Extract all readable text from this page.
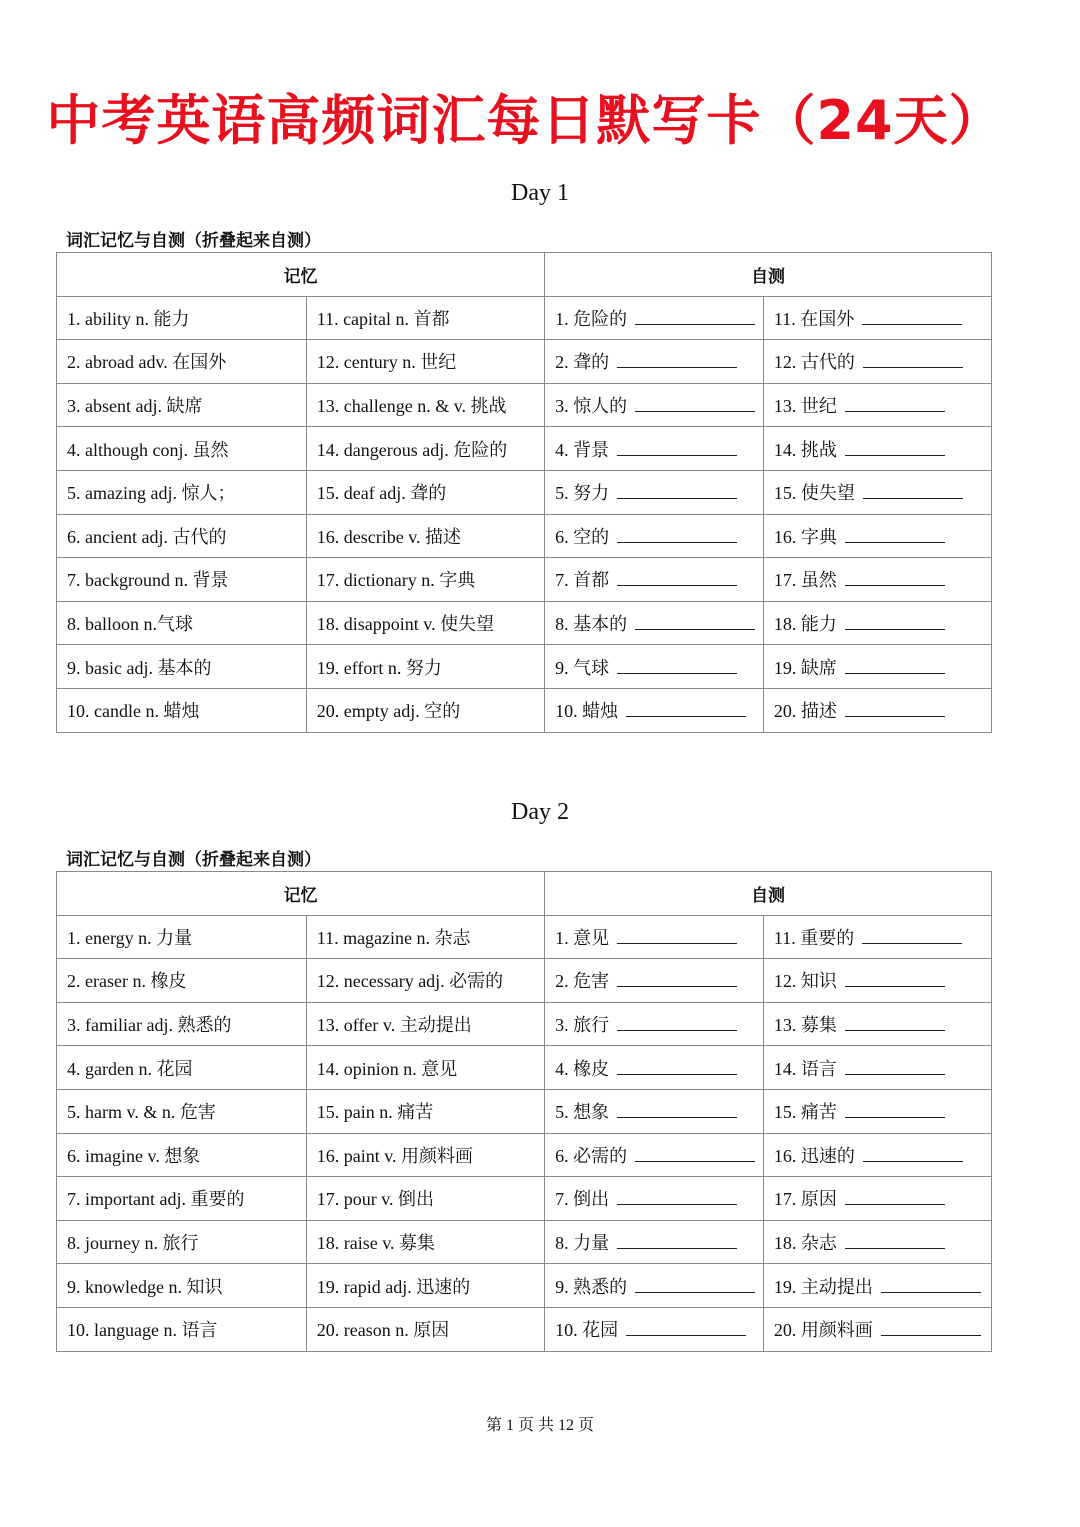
中考英语高频词汇每日默写卡（24天）
Day 1
词汇记忆与自测（折叠起来自测）
记忆		自测	
1. ability n. 能力	11. capital n. 首都	1. 危险的	11. 在国外
2. abroad adv. 在国外	12. century n. 世纪	2. 聋的	12. 古代的
3. absent adj. 缺席	13. challenge n. & v. 挑战	3. 惊人的	13. 世纪
4. although conj. 虽然	14. dangerous adj. 危险的	4. 背景	14. 挑战
5. amazing adj. 惊人；	15. deaf adj. 聋的	5. 努力	15. 使失望
6. ancient adj. 古代的	16. describe v. 描述	6. 空的	16. 字典
7. background n. 背景	17. dictionary n. 字典	7. 首都	17. 虽然
8. balloon n.气球	18. disappoint v. 使失望	8. 基本的	18. 能力
9. basic adj. 基本的	19. effort n. 努力	9. 气球	19. 缺席
10. candle n. 蜡烛	20. empty adj. 空的	10. 蜡烛	20. 描述
Day 2
词汇记忆与自测（折叠起来自测）
记忆		自测	
1. energy n. 力量	11. magazine n. 杂志	1. 意见	11. 重要的
2. eraser n. 橡皮	12. necessary adj. 必需的	2. 危害	12. 知识
3. familiar adj. 熟悉的	13. offer v. 主动提出	3. 旅行	13. 募集
4. garden n. 花园	14. opinion n. 意见	4. 橡皮	14. 语言
5. harm v. & n. 危害	15. pain n. 痛苦	5. 想象	15. 痛苦
6. imagine v. 想象	16. paint v. 用颜料画	6. 必需的	16. 迅速的
7. important adj. 重要的	17. pour v. 倒出	7. 倒出	17. 原因
8. journey n. 旅行	18. raise v. 募集	8. 力量	18. 杂志
9. knowledge n. 知识	19. rapid adj. 迅速的	9. 熟悉的	19. 主动提出
10. language n. 语言	20. reason n. 原因	10. 花园	20. 用颜料画
第 1 页 共 12 页
